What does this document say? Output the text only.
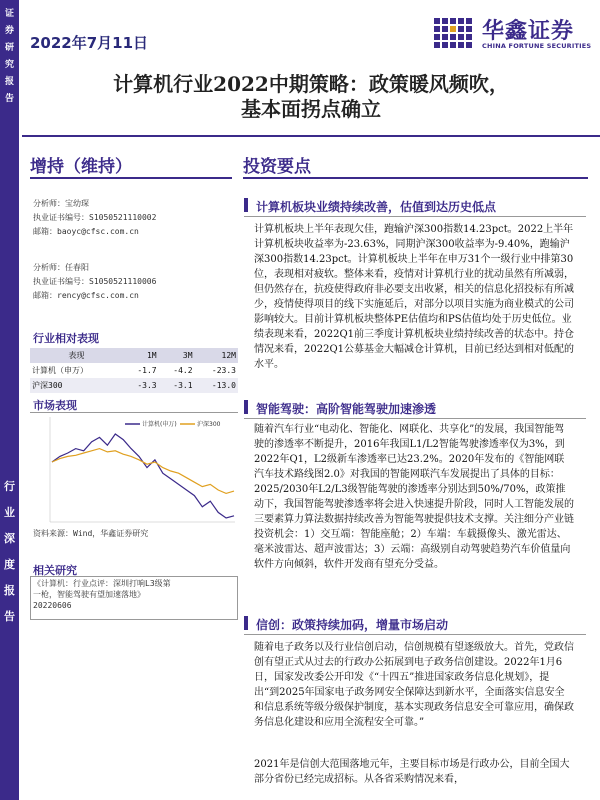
证
券
研
究
报
告
行
业
深
度
报
告
2022年7月11日	华鑫证券
CHINA FORTUNE SECURITIES
计算机行业2022中期策略：政策暖风频吹，
基本面拐点确立
增持（维持）	投资要点
分析师：宝幼琛
执业证书编号：S1050521110002
邮箱：baoyc@cfsc.com.cn
分析师：任春阳
执业证书编号：S1050521110006
邮箱：rency@cfsc.com.cn
行业相对表现
表现	1M	3M	12M
计算机（申万）	-1.7	-4.2	-23.3
沪深300	-3.3	-3.1	-13.0
市场表现
计算机(申万)	沪深300
资料来源：Wind，华鑫证券研究
相关研究
《计算机：行业点评：深圳打响L3级第
一枪，智能驾驶有望加速落地》
20220606
计算机板块业绩持续改善，估值到达历史低点
计算机板块上半年表现欠佳，跑输沪深300指数14.23pct。2022上半年计算机板块收益率为-23.63%，同期沪深300收益率为-9.40%，跑输沪深300指数14.23pct。计算机板块上半年在申万31个一级行业中排第30位，表现相对疲软。整体来看，疫情对计算机行业的扰动虽然有所减弱，但仍然存在，抗疫使得政府非必要支出收紧，相关的信息化招投标有所减少，疫情使得项目的线下实施延后，对部分以项目实施为商业模式的公司影响较大。目前计算机板块整体PE估值均和PS估值均处于历史低位。业绩表现来看，2022Q1前三季度计算机板块业绩持续改善的状态中。持仓情况来看，2022Q1公募基金大幅减仓计算机，目前已经达到相对低配的水平。
智能驾驶：高阶智能驾驶加速渗透
随着汽车行业“电动化、智能化、网联化、共享化”的发展，我国智能驾驶的渗透率不断提升，2016年我国L1/L2智能驾驶渗透率仅为3%，到2022年Q1，L2级新车渗透率已达23.2%。2020年发布的《智能网联汽车技术路线图2.0》对我国的智能网联汽车发展提出了具体的目标：2025/2030年L2/L3级智能驾驶的渗透率分别达到50%/70%，政策推动下，我国智能驾驶渗透率将会进入快速提升阶段，同时人工智能发展的三要素算力算法数据持续改善为智能驾驶提供技术支撑。关注细分产业链投资机会：1）交互端：智能座舱；2）车端：车载摄像头、激光雷达、毫米波雷达、超声波雷达；3）云端：高级别自动驾驶趋势汽车价值量向软件方向倾斜，软件开发商有望充分受益。
信创：政策持续加码，增量市场启动
随着电子政务以及行业信创启动，信创规模有望逐级放大。首先，党政信创有望正式从过去的行政办公拓展到电子政务信创建设。2022年1月6日，国家发改委公开印发《“十四五”推进国家政务信息化规划》，提出“到2025年国家电子政务网安全保障达到新水平，全面落实信息安全和信息系统等级分级保护制度，基本实现政务信息安全可靠应用，确保政务信息化建设和应用全流程安全可靠。”
2021年是信创大范围落地元年，主要目标市场是行政办公，目前全国大部分省份已经完成招标。从各省采购情况来看，
